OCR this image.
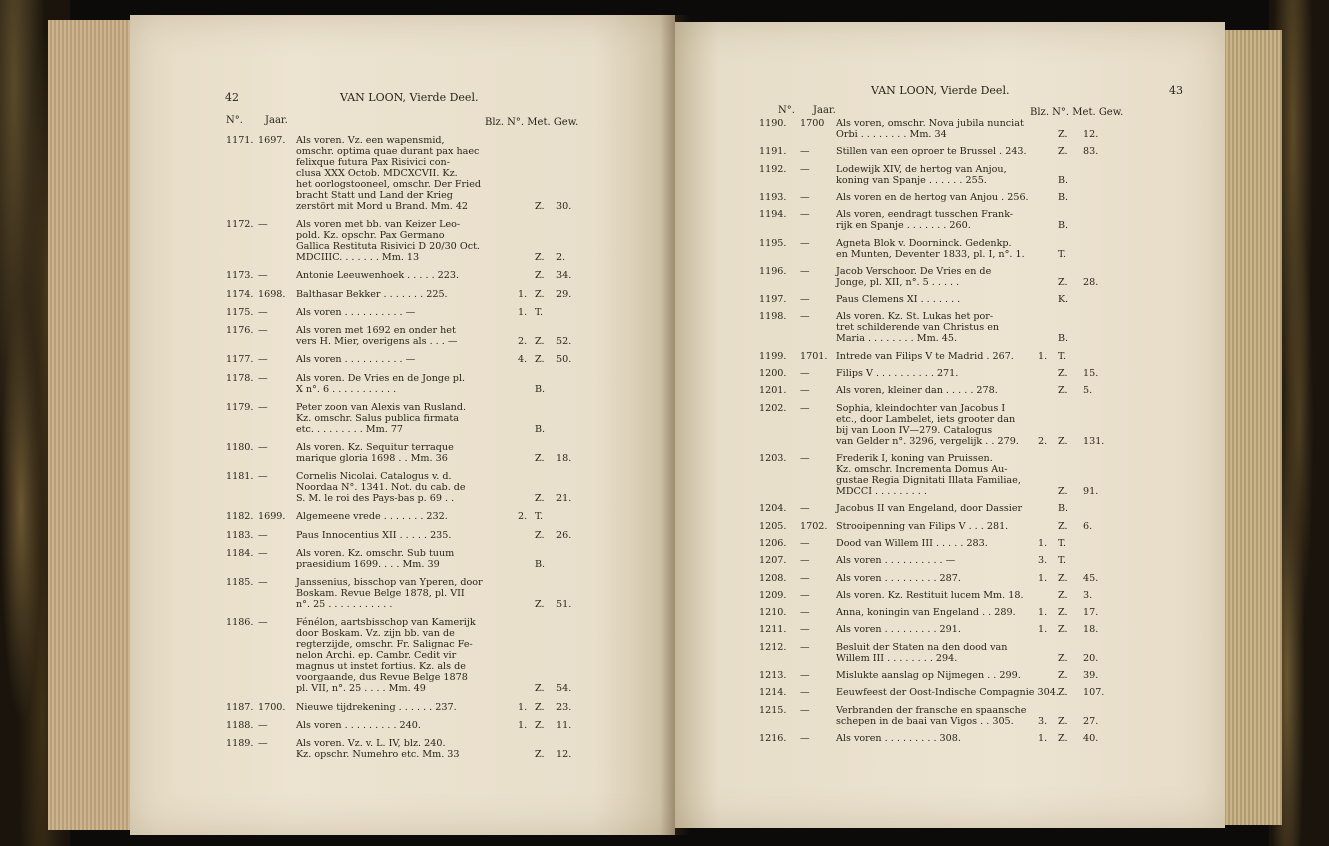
42	VAN LOON, Vierde Deel.
N°. Jaar.	Blz. N°. Met. Gew.
1171. 1697. Als voren. Vz. een wapensmid,
omschr. optima quae durant pax haec
felixque futura Pax Risivici con-
clusa XXX Octob. MDCXCVII. Kz.
het oorlogstooneel, omschr. Der Fried
bracht Statt und Land der Krieg
zerstört mit Mord u Brand. Mm. 42	Z. 30.
1172. —	Als voren met bb. van Keizer Leo-
pold. Kz. opschr. Pax Germano
Gallica Restituta Risivici D 20/30 Oct.
MDCIIIC. . . . . . . Mm. 13	Z. 2.
1173. —	Antonie Leeuwenhoek . . . . . 223.	Z. 34.
1174. 1698. Balthasar Bekker . . . . . . . 225.	1. Z. 29.
1175. —	Als voren . . . . . . . . . . —	1. T.
1176. —	Als voren met 1692 en onder het
vers H. Mier, overigens als . . . —	2. Z. 52.
1177. —	Als voren . . . . . . . . . . —	4. Z. 50.
1178. —	Als voren. De Vries en de Jonge pl.
X n°. 6 . . . . . . . . . . .	B.
1179. —	Peter zoon van Alexis van Rusland.
Kz. omschr. Salus publica firmata
etc. . . . . . . . . Mm. 77	B.
1180. —	Als voren. Kz. Sequitur terraque
marique gloria 1698 . . Mm. 36	Z. 18.
1181. —	Cornelis Nicolai. Catalogus v. d.
Noordaa N°. 1341. Not. du cab. de
S. M. le roi des Pays-bas p. 69 . .	Z. 21.
1182. 1699. Algemeene vrede . . . . . . . 232.	2. T.
1183. —	Paus Innocentius XII . . . . . 235.	Z. 26.
1184. —	Als voren. Kz. omschr. Sub tuum
praesidium 1699. . . . Mm. 39	B.
1185. —	Janssenius, bisschop van Yperen, door
Boskam. Revue Belge 1878, pl. VII
n°. 25 . . . . . . . . . . .	Z. 51.
1186. —	Fénélon, aartsbisschop van Kamerijk
door Boskam. Vz. zijn bb. van de
regterzijde, omschr. Fr. Salignac Fe-
nelon Archi. ep. Cambr. Cedit vir
magnus ut instet fortius. Kz. als de
voorgaande, dus Revue Belge 1878
pl. VII, n°. 25 . . . . Mm. 49	Z. 54.
1187. 1700. Nieuwe tijdrekening . . . . . . 237.	1. Z. 23.
1188. —	Als voren . . . . . . . . . 240.	1. Z. 11.
1189. —	Als voren. Vz. v. L. IV, blz. 240.
Kz. opschr. Numehro etc. Mm. 33	Z. 12.
VAN LOON, Vierde Deel.	43
N°. Jaar.	Blz. N°. Met. Gew.
1190. 1700 Als voren, omschr. Nova jubila nunciat
Orbi . . . . . . . . Mm. 34	Z. 12.
1191. —	Stillen van een oproer te Brussel . 243.	Z. 83.
1192. —	Lodewijk XIV, de hertog van Anjou,
koning van Spanje . . . . . . 255.	B.
1193. —	Als voren en de hertog van Anjou . 256.	B.
1194. —	Als voren, eendragt tusschen Frank-
rijk en Spanje . . . . . . . 260.	B.
1195. —	Agneta Blok v. Doorninck. Gedenkp.
en Munten, Deventer 1833, pl. I, n°. 1.	T.
1196. —	Jacob Verschoor. De Vries en de
Jonge, pl. XII, n°. 5 . . . . .	Z. 28.
1197. —	Paus Clemens XI . . . . . . .	K.
1198. —	Als voren. Kz. St. Lukas het por-
tret schilderende van Christus en
Maria . . . . . . . . Mm. 45.	B.
1199. 1701. Intrede van Filips V te Madrid . 267.	1. T.
1200. —	Filips V . . . . . . . . . . 271.	Z. 15.
1201. —	Als voren, kleiner dan . . . . . 278.	Z. 5.
1202. —	Sophia, kleindochter van Jacobus I
etc., door Lambelet, iets grooter dan
bij van Loon IV—279. Catalogus
van Gelder n°. 3296, vergelijk . . 279. 2. Z. 131.
1203. —	Frederik I, koning van Pruissen.
Kz. omschr. Incrementa Domus Au-
gustae Regia Dignitati Illata Familiae,
MDCCI . . . . . . . . .	Z. 91.
1204. —	Jacobus II van Engeland, door Dassier	B.
1205. 1702. Strooipenning van Filips V . . . 281.	Z. 6.
1206. —	Dood van Willem III . . . . . 283.	1. T.
1207. —	Als voren . . . . . . . . . . —	3. T.
1208. —	Als voren . . . . . . . . . 287.	1. Z. 45.
1209. —	Als voren. Kz. Restituit lucem Mm. 18.	Z. 3.
1210. —	Anna, koningin van Engeland . . 289. 1. Z. 17.
1211. —	Als voren . . . . . . . . . 291.	1. Z. 18.
1212. —	Besluit der Staten na den dood van
Willem III . . . . . . . . 294.	Z. 20.
1213. —	Mislukte aanslag op Nijmegen . . 299.	Z. 39.
1214. —	Eeuwfeest der Oost-Indische Compagnie 304. Z. 107.
1215. —	Verbranden der fransche en spaansche
schepen in de baai van Vigos . . 305.	3. Z. 27.
1216. —	Als voren . . . . . . . . . 308.	1. Z. 40.
